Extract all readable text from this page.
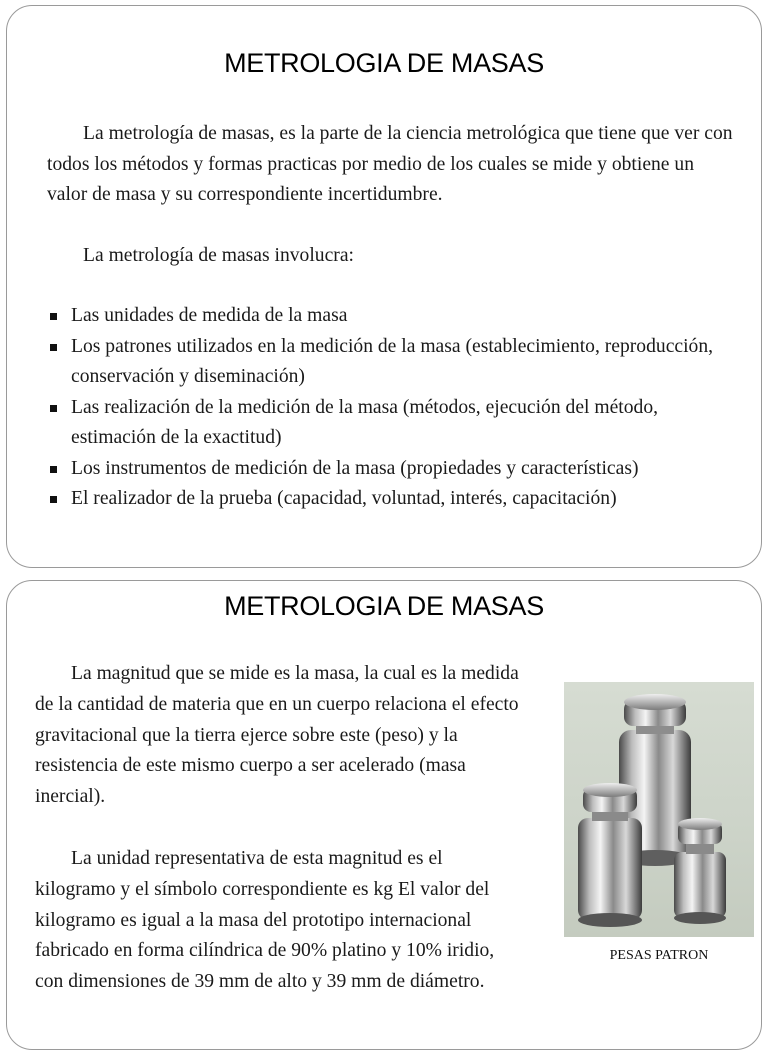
METROLOGIA DE MASAS

La metrología de masas, es la parte de la ciencia metrológica que tiene que ver con todos los métodos y formas practicas por medio de los cuales se mide y obtiene un valor de masa y su correspondiente incertidumbre.

La metrología de masas involucra:

Las unidades de medida de la masa
Los patrones utilizados en la medición de la masa (establecimiento, reproducción, conservación y diseminación)
Las realización de la medición de la masa (métodos, ejecución del método, estimación de la exactitud)
Los instrumentos de medición de la masa (propiedades y características)
El realizador de la prueba (capacidad, voluntad, interés, capacitación)
METROLOGIA DE MASAS

La magnitud que se mide es la masa, la cual es la medida de la cantidad de materia que en un cuerpo relaciona el efecto gravitacional que la tierra ejerce sobre este (peso) y la resistencia de este mismo cuerpo a ser acelerado (masa inercial).

La unidad representativa de esta magnitud es el kilogramo y el símbolo correspondiente es kg El valor del kilogramo es igual a la masa del prototipo internacional fabricado en forma cilíndrica de 90% platino y 10% iridio, con dimensiones de 39 mm de alto y 39 mm de diámetro.

PESAS PATRON
